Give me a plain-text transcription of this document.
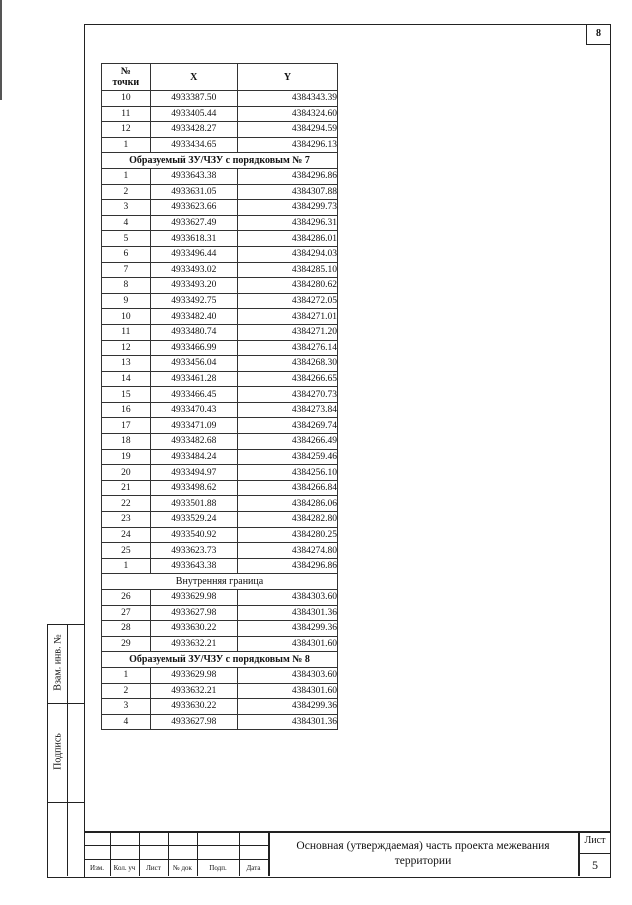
8
Взам. инв. №
Подпись
№
точки	X	Y
10	4933387.50	4384343.39
11	4933405.44	4384324.60
12	4933428.27	4384294.59
1	4933434.65	4384296.13
Образуемый ЗУ/ЧЗУ с порядковым № 7		
1	4933643.38	4384296.86
2	4933631.05	4384307.88
3	4933623.66	4384299.73
4	4933627.49	4384296.31
5	4933618.31	4384286.01
6	4933496.44	4384294.03
7	4933493.02	4384285.10
8	4933493.20	4384280.62
9	4933492.75	4384272.05
10	4933482.40	4384271.01
11	4933480.74	4384271.20
12	4933466.99	4384276.14
13	4933456.04	4384268.30
14	4933461.28	4384266.65
15	4933466.45	4384270.73
16	4933470.43	4384273.84
17	4933471.09	4384269.74
18	4933482.68	4384266.49
19	4933484.24	4384259.46
20	4933494.97	4384256.10
21	4933498.62	4384266.84
22	4933501.88	4384286.06
23	4933529.24	4384282.80
24	4933540.92	4384280.25
25	4933623.73	4384274.80
1	4933643.38	4384296.86
Внутренняя граница		
26	4933629.98	4384303.60
27	4933627.98	4384301.36
28	4933630.22	4384299.36
29	4933632.21	4384301.60
Образуемый ЗУ/ЧЗУ с порядковым № 8		
1	4933629.98	4384303.60
2	4933632.21	4384301.60
3	4933630.22	4384299.36
4	4933627.98	4384301.36
Изм.	Кол. уч	Лист	№ док	Подп.	Дата
Основная (утверждаемая) часть проекта межевания территории
Лист
5
